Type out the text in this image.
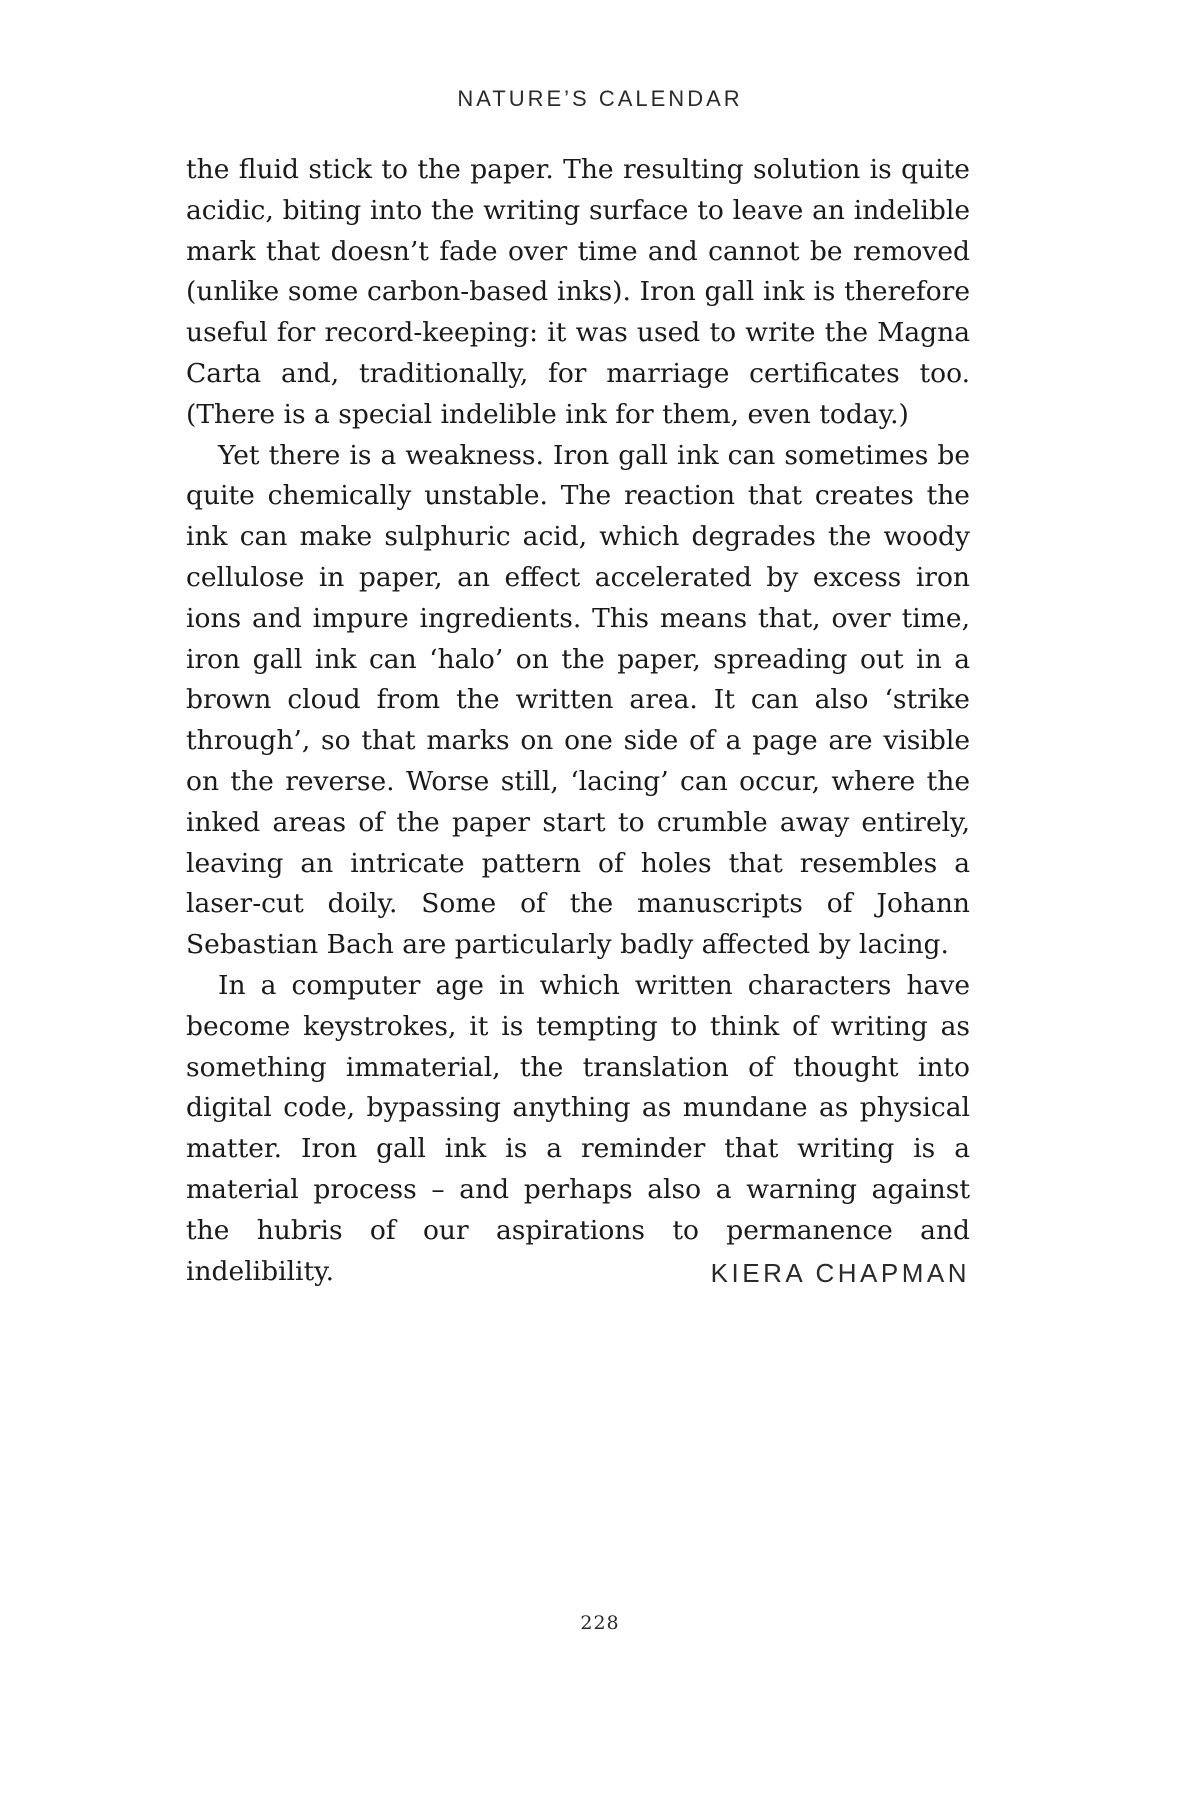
NATURE’S CALENDAR

the fluid stick to the paper. The resulting solution is quite acidic, biting into the writing surface to leave an indelible mark that doesn’t fade over time and cannot be removed (unlike some carbon-based inks). Iron gall ink is therefore useful for record-keeping: it was used to write the Magna Carta and, traditionally, for marriage certificates too. (There is a special indelible ink for them, even today.)

Yet there is a weakness. Iron gall ink can sometimes be quite chemically unstable. The reaction that creates the ink can make sulphuric acid, which degrades the woody cellulose in paper, an effect accelerated by excess iron ions and impure ingredients. This means that, over time, iron gall ink can ‘halo’ on the paper, spreading out in a brown cloud from the written area. It can also ‘strike through’, so that marks on one side of a page are visible on the reverse. Worse still, ‘lacing’ can occur, where the inked areas of the paper start to crumble away entirely, leaving an intricate pattern of holes that resembles a laser-cut doily. Some of the manuscripts of Johann Sebastian Bach are particularly badly affected by lacing.

In a computer age in which written characters have become keystrokes, it is tempting to think of writing as something immaterial, the translation of thought into digital code, bypassing anything as mundane as physical matter. Iron gall ink is a reminder that writing is a material process – and perhaps also a warning against the hubris of our aspirations to permanence and indelibility.	KIERA CHAPMAN
228
